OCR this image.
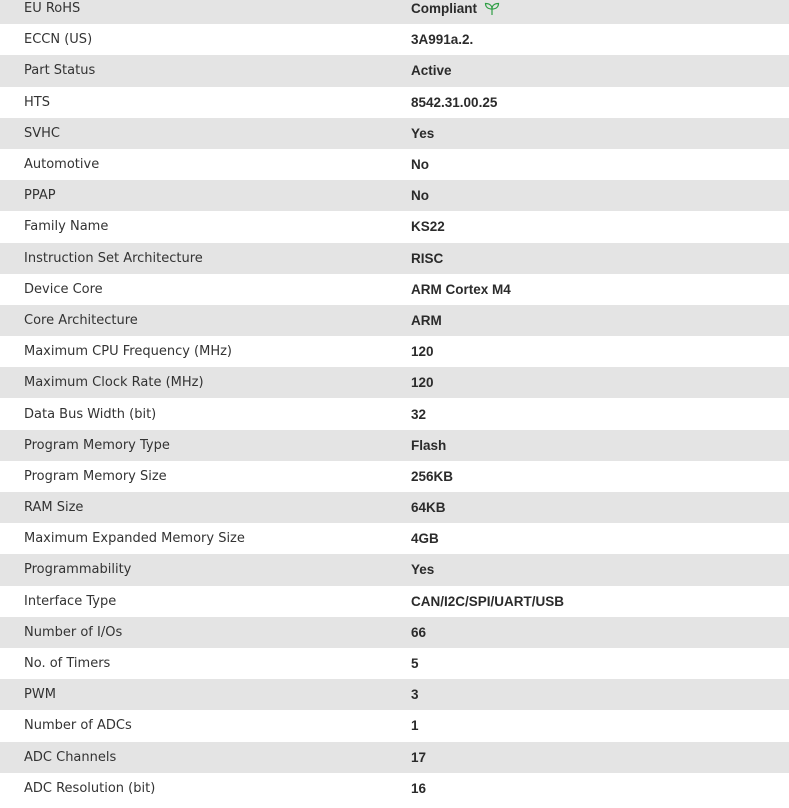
EU RoHS	Compliant
ECCN (US)	3A991a.2.
Part Status	Active
HTS	8542.31.00.25
SVHC	Yes
Automotive	No
PPAP	No
Family Name	KS22
Instruction Set Architecture	RISC
Device Core	ARM Cortex M4
Core Architecture	ARM
Maximum CPU Frequency (MHz)	120
Maximum Clock Rate (MHz)	120
Data Bus Width (bit)	32
Program Memory Type	Flash
Program Memory Size	256KB
RAM Size	64KB
Maximum Expanded Memory Size	4GB
Programmability	Yes
Interface Type	CAN/I2C/SPI/UART/USB
Number of I/Os	66
No. of Timers	5
PWM	3
Number of ADCs	1
ADC Channels	17
ADC Resolution (bit)	16
